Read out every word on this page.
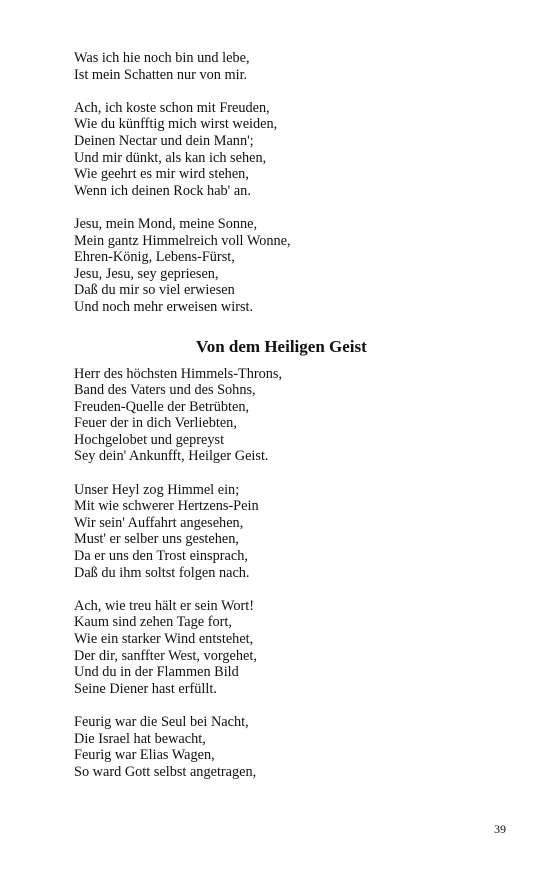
Was ich hie noch bin und lebe,
Ist mein Schatten nur von mir.
Ach, ich koste schon mit Freuden,
Wie du künfftig mich wirst weiden,
Deinen Nectar und dein Mann';
Und mir dünkt, als kan ich sehen,
Wie geehrt es mir wird stehen,
Wenn ich deinen Rock hab' an.
Jesu, mein Mond, meine Sonne,
Mein gantz Himmelreich voll Wonne,
Ehren-König, Lebens-Fürst,
Jesu, Jesu, sey gepriesen,
Daß du mir so viel erwiesen
Und noch mehr erweisen wirst.
Von dem Heiligen Geist
Herr des höchsten Himmels-Throns,
Band des Vaters und des Sohns,
Freuden-Quelle der Betrübten,
Feuer der in dich Verliebten,
Hochgelobet und gepreyst
Sey dein' Ankunfft, Heilger Geist.
Unser Heyl zog Himmel ein;
Mit wie schwerer Hertzens-Pein
Wir sein' Auffahrt angesehen,
Must' er selber uns gestehen,
Da er uns den Trost einsprach,
Daß du ihm soltst folgen nach.
Ach, wie treu hält er sein Wort!
Kaum sind zehen Tage fort,
Wie ein starker Wind entstehet,
Der dir, sanffter West, vorgehet,
Und du in der Flammen Bild
Seine Diener hast erfüllt.
Feurig war die Seul bei Nacht,
Die Israel hat bewacht,
Feurig war Elias Wagen,
So ward Gott selbst angetragen,
39
